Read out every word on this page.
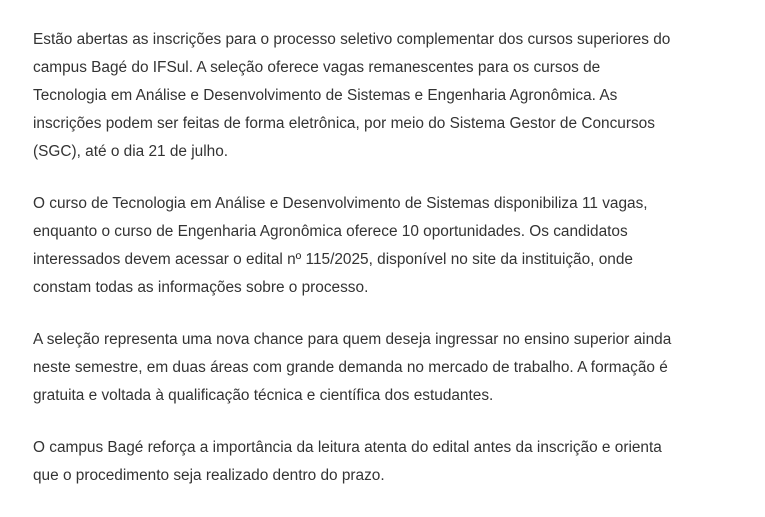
Estão abertas as inscrições para o processo seletivo complementar dos cursos superiores do
campus Bagé do IFSul. A seleção oferece vagas remanescentes para os cursos de
Tecnologia em Análise e Desenvolvimento de Sistemas e Engenharia Agronômica. As
inscrições podem ser feitas de forma eletrônica, por meio do Sistema Gestor de Concursos
(SGC), até o dia 21 de julho.

O curso de Tecnologia em Análise e Desenvolvimento de Sistemas disponibiliza 11 vagas,
enquanto o curso de Engenharia Agronômica oferece 10 oportunidades. Os candidatos
interessados devem acessar o edital nº 115/2025, disponível no site da instituição, onde
constam todas as informações sobre o processo.

A seleção representa uma nova chance para quem deseja ingressar no ensino superior ainda
neste semestre, em duas áreas com grande demanda no mercado de trabalho. A formação é
gratuita e voltada à qualificação técnica e científica dos estudantes.

O campus Bagé reforça a importância da leitura atenta do edital antes da inscrição e orienta
que o procedimento seja realizado dentro do prazo.
